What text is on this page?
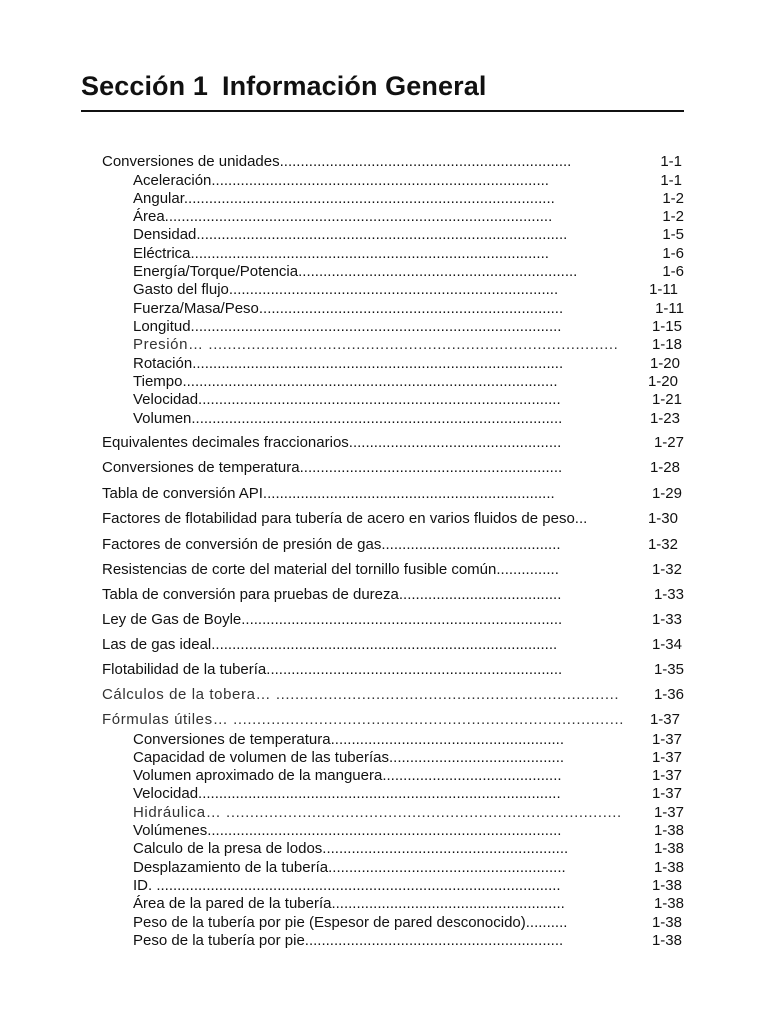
Sección 1 Información General
Conversiones de unidades......................................................................	1-1
Aceleración.................................................................................	1-1
Angular.........................................................................................	1-2
Área.............................................................................................	1-2
Densidad.........................................................................................	1-5
Eléctrica......................................................................................	1-6
Energía/Torque/Potencia...................................................................	1-6
Gasto del flujo...............................................................................	1-11
Fuerza/Masa/Peso.........................................................................	1-11
Longitud.........................................................................................	1-15
Presión… ......................................................................................	1-18
Rotación.........................................................................................	1-20
Tiempo..........................................................................................	1-20
Velocidad.......................................................................................	1-21
Volumen.........................................................................................	1-23
Equivalentes decimales fraccionarios...................................................	1-27
Conversiones de temperatura...............................................................	1-28
Tabla de conversión API......................................................................	1-29
Factores de flotabilidad para tubería de acero en varios fluidos de peso...	1-30
Factores de conversión de presión de gas...........................................	1-32
Resistencias de corte del material del tornillo fusible común...............	1-32
Tabla de conversión para pruebas de dureza.......................................	1-33
Ley de Gas de Boyle.............................................................................	1-33
Las de gas ideal...................................................................................	1-34
Flotabilidad de la tubería.......................................................................	1-35
Cálculos de la tobera… ........................................................................	1-36
Fórmulas útiles… ..................................................................................	1-37
Conversiones de temperatura........................................................	1-37
Capacidad de volumen de las tuberías..........................................	1-37
Volumen aproximado de la manguera...........................................	1-37
Velocidad.......................................................................................	1-37
Hidráulica… ...................................................................................	1-37
Volúmenes.....................................................................................	1-38
Calculo de la presa de lodos...........................................................	1-38
Desplazamiento de la tubería.........................................................	1-38
ID. .................................................................................................	1-38
Área de la pared de la tubería........................................................	1-38
Peso de la tubería por pie (Espesor de pared desconocido)..........	1-38
Peso de la tubería por pie..............................................................	1-38
